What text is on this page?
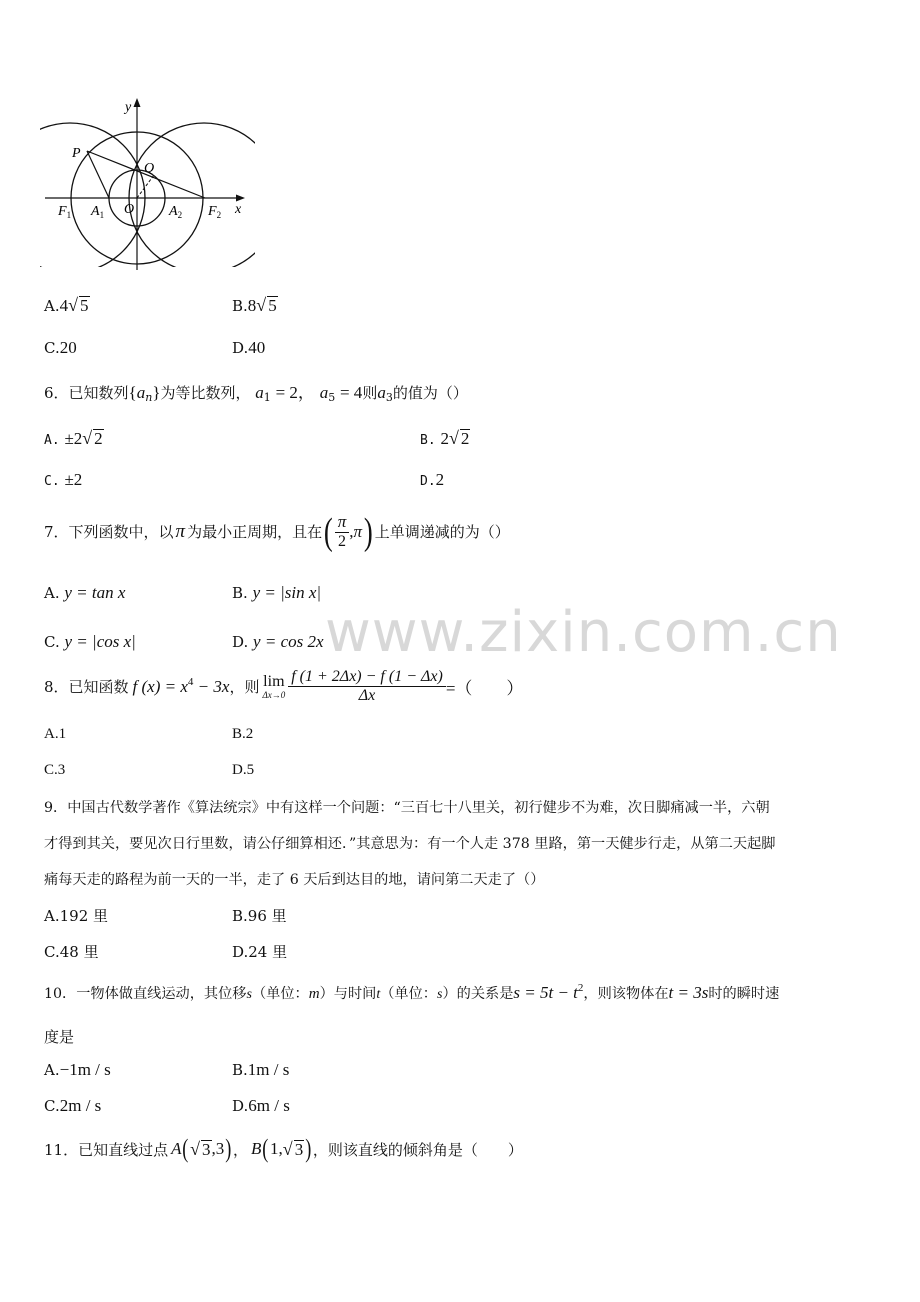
y
x
P
Q
O
$F_1$ $A_1$	$A_2$ $F_2$
A.4√ 5	B.8√ 5
C.20	D.40
6．已知数列$\{a_n\}$为等比数列， $a_1 = 2$， $a_5 = 4$则$a_3$的值为（）
A. ±2√ 2	B. 2√ 2
C. ±2	D.2
7．下列函数中，以 π 为最小正周期，且在 ( $\frac{\pi}{2}$ , π ) 上单调递减的为（）
A. y = tan x	B. y = |sin x|
C. y = |cos x|	D. y = cos 2x www.zixin.com.cn
8．已知函数 f $(x) = x^4 - 3x$ ，则 lim
$\Delta x\to 0 \frac{f (1 + 2\Delta x) - f (1 - \Delta x)}{\Delta x}$ =（　　）
A.1	B.2
C.3	D.5
9．中国古代数学著作《算法统宗》中有这样一个问题：“三百七十八里关，初行健步不为难，次日脚痛减一半，六朝
才得到其关，要见次日行里数，请公仔细算相还．”其意思为：有一个人走 378 里路，第一天健步行走，从第二天起脚
痛每天走的路程为前一天的一半，走了 6 天后到达目的地，请问第二天走了（）
A.192 里	B.96 里
C.48 里	D.24 里
10．一物体做直线运动，其位移s（单位：m）与时间t（单位：s）的关系是$s = 5t - t^2$，则该物体在t = 3s时的瞬时速
度是
A.−1m / s	B.1m / s
C.2m / s	D.6m / s
11．已知直线过点 A ( √ 3 ,3 ) ， B ( 1, √ 3 ) ，则该直线的倾斜角是（　　）
